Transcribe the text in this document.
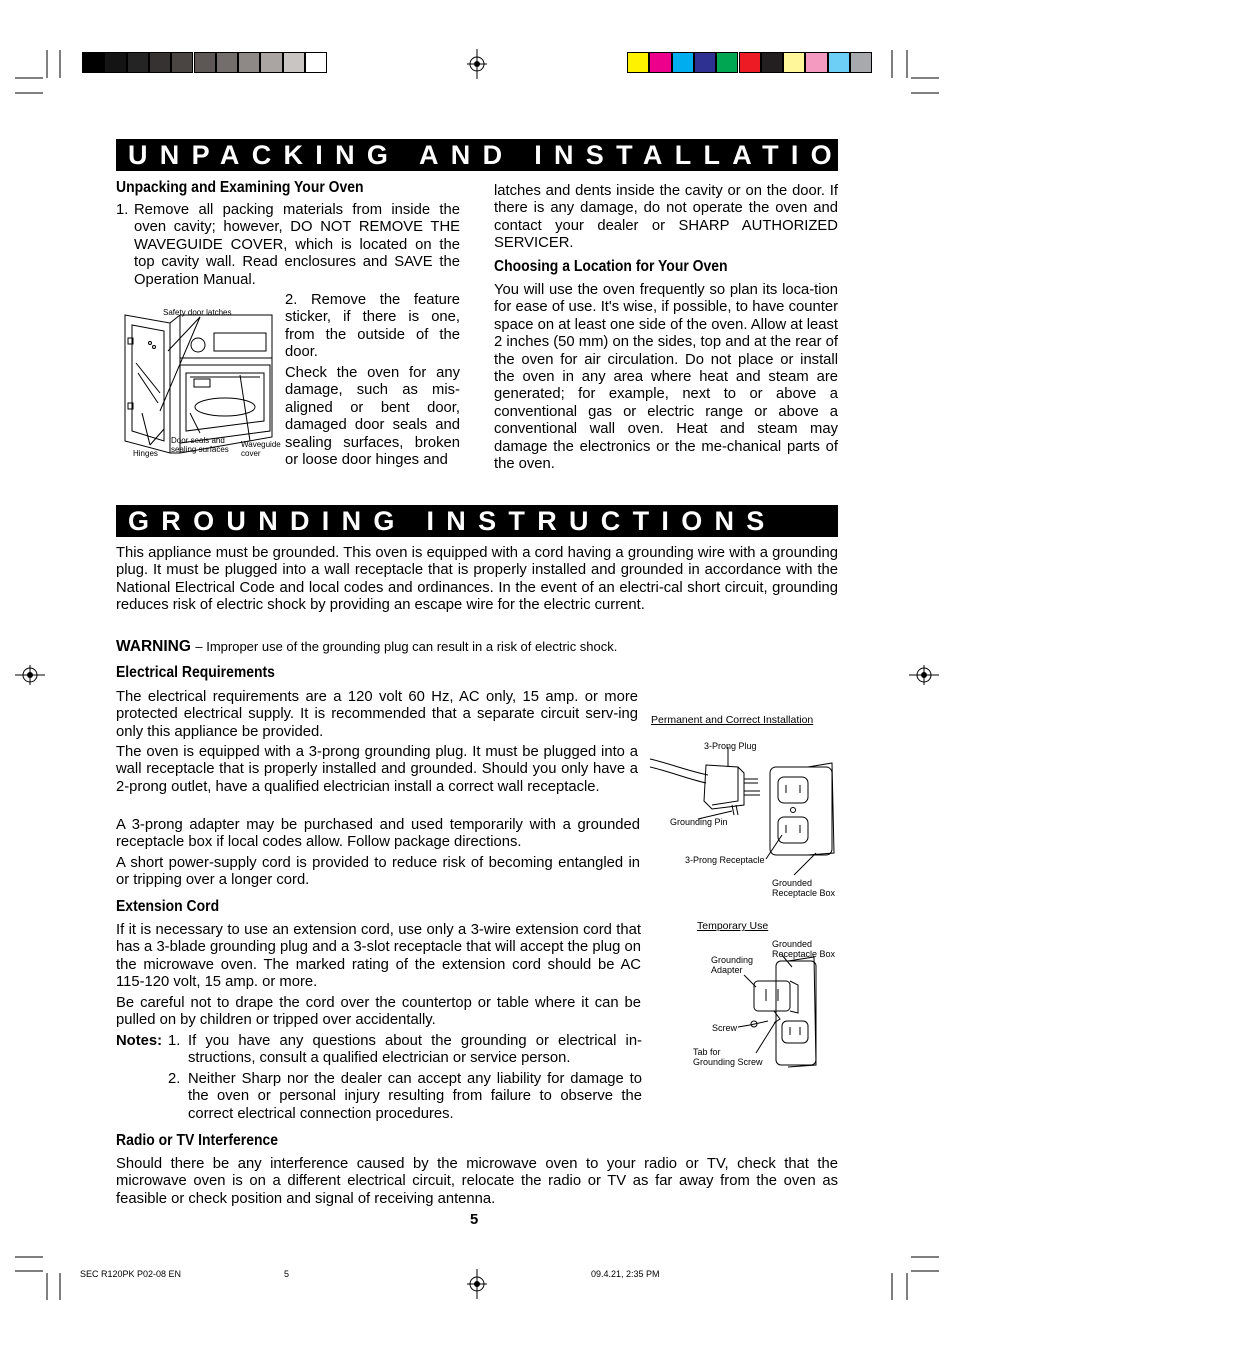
UNPACKING AND INSTALLATION INSTRUCTIONS
Unpacking and Examining Your Oven
1. Remove all packing materials from inside the oven cavity; however, DO NOT REMOVE THE WAVEGUIDE COVER, which is located on the top cavity wall. Read enclosures and SAVE the Operation Manual.

2. Remove the feature sticker, if there is one, from the outside of the door.

Check the oven for any damage, such as mis-aligned or bent door, damaged door seals and sealing surfaces, broken or loose door hinges and

Safety door latches
Door seals and sealing surfaces
Hinges
Waveguide cover

latches and dents inside the cavity or on the door. If there is any damage, do not operate the oven and contact your dealer or SHARP AUTHORIZED SERVICER.

Choosing a Location for Your Oven

You will use the oven frequently so plan its loca-tion for ease of use. It's wise, if possible, to have counter space on at least one side of the oven. Allow at least 2 inches (50 mm) on the sides, top and at the rear of the oven for air circulation. Do not place or install the oven in any area where heat and steam are generated; for example, next to or above a conventional gas or electric range or above a conventional wall oven. Heat and steam may damage the electronics or the me-chanical parts of the oven.

GROUNDING INSTRUCTIONS

This appliance must be grounded. This oven is equipped with a cord having a grounding wire with a grounding plug. It must be plugged into a wall receptacle that is properly installed and grounded in accordance with the National Electrical Code and local codes and ordinances. In the event of an electri-cal short circuit, grounding reduces risk of electric shock by providing an escape wire for the electric current.

WARNING – Improper use of the grounding plug can result in a risk of electric shock.
Electrical Requirements

The electrical requirements are a 120 volt 60 Hz, AC only, 15 amp. or more protected electrical supply. It is recommended that a separate circuit serv-ing only this appliance be provided.

The oven is equipped with a 3-prong grounding plug. It must be plugged into a wall receptacle that is properly installed and grounded. Should you only have a 2-prong outlet, have a qualified electrician install a correct wall receptacle.

A 3-prong adapter may be purchased and used temporarily with a grounded receptacle box if local codes allow. Follow package directions.

A short power-supply cord is provided to reduce risk of becoming entangled in or tripping over a longer cord.

Extension Cord

If it is necessary to use an extension cord, use only a 3-wire extension cord that has a 3-blade grounding plug and a 3-slot receptacle that will accept the plug on the microwave oven. The marked rating of the extension cord should be AC 115-120 volt, 15 amp. or more.

Be careful not to drape the cord over the countertop or table where it can be pulled on by children or tripped over accidentally.

Notes: 1. If you have any questions about the grounding or electrical in-structions, consult a qualified electrician or service person.

2. Neither Sharp nor the dealer can accept any liability for damage to the oven or personal injury resulting from failure to observe the correct electrical connection procedures.

Radio or TV Interference

Should there be any interference caused by the microwave oven to your radio or TV, check that the microwave oven is on a different electrical circuit, relocate the radio or TV as far away from the oven as feasible or check position and signal of receiving antenna.

Permanent and Correct Installation
3-Prong Plug
Grounding Pin
3-Prong Receptacle
Grounded Receptacle Box
Temporary Use
Grounded Receptacle Box
Grounding Adapter
Screw
Tab for Grounding Screw
5
SEC R120PK P02-08 EN	5	09.4.21, 2:35 PM
